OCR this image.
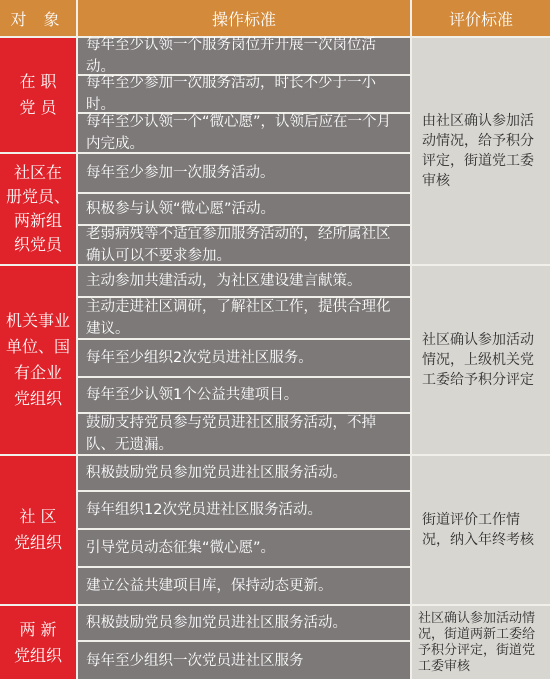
对 象	操作标准	评价标准
在 职
党 员
每年至少认领一个服务岗位并开展一次岗位活动。
每年至少参加一次服务活动，时长不少于一小时。
每年至少认领一个“微心愿”，认领后应在一个月内完成。
社区在
册党员、
两新组
织党员
每年至少参加一次服务活动。
积极参与认领“微心愿”活动。
老弱病残等不适宜参加服务活动的，经所属社区确认可以不要求参加。
由社区确认参加活动情况，给予积分评定，街道党工委审核
机关事业
单位、国
有企业
党组织
主动参加共建活动，为社区建设建言献策。
主动走进社区调研，了解社区工作，提供合理化建议。
每年至少组织2次党员进社区服务。
每年至少认领1个公益共建项目。
鼓励支持党员参与党员进社区服务活动，不掉队、无遗漏。
社区确认参加活动情况，上级机关党工委给予积分评定
社 区
党组织
积极鼓励党员参加党员进社区服务活动。
每年组织12次党员进社区服务活动。
引导党员动态征集“微心愿”。
建立公益共建项目库，保持动态更新。
街道评价工作情况，纳入年终考核
两 新
党组织
积极鼓励党员参加党员进社区服务活动。
每年至少组织一次党员进社区服务
社区确认参加活动情况，街道两新工委给予积分评定，街道党工委审核
